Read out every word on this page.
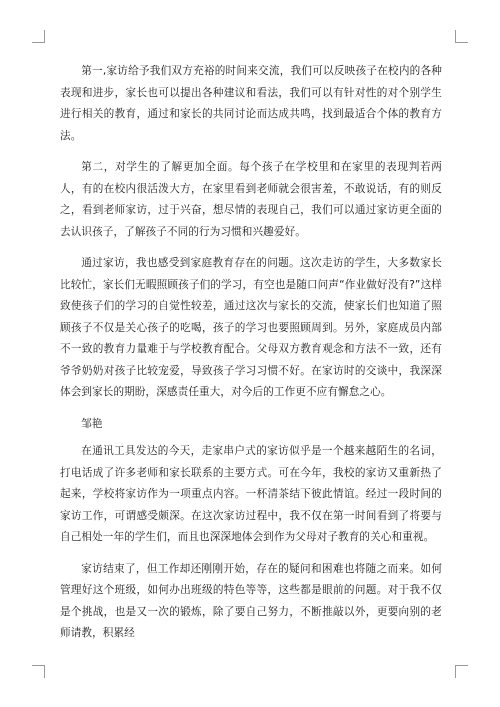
第一,家访给予我们双方充裕的时间来交流，我们可以反映孩子在校内的各种表现和进步，家长也可以提出各种建议和看法，我们可以有针对性的对个别学生进行相关的教育，通过和家长的共同讨论而达成共鸣，找到最适合个体的教育方法。

第二，对学生的了解更加全面。每个孩子在学校里和在家里的表现判若两人，有的在校内很活泼大方，在家里看到老师就会很害羞，不敢说话，有的则反之，看到老师家访，过于兴奋，想尽情的表现自己，我们可以通过家访更全面的去认识孩子，了解孩子不同的行为习惯和兴趣爱好。

通过家访，我也感受到家庭教育存在的问题。这次走访的学生，大多数家长比较忙，家长们无暇照顾孩子们的学习，有空也是随口问声“作业做好没有?”这样致使孩子们的学习的自觉性较差，通过这次与家长的交流，使家长们也知道了照顾孩子不仅是关心孩子的吃喝，孩子的学习也要照顾周到。另外，家庭成员内部不一致的教育力量难于与学校教育配合。父母双方教育观念和方法不一致，还有爷爷奶奶对孩子比较宠爱，导致孩子学习习惯不好。在家访时的交谈中，我深深体会到家长的期盼，深感责任重大，对今后的工作更不应有懈怠之心。

邹艳

在通讯工具发达的今天，走家串户式的家访似乎是一个越来越陌生的名词，打电话成了许多老师和家长联系的主要方式。可在今年，我校的家访又重新热了起来，学校将家访作为一项重点内容。一杯清茶结下彼此情谊。经过一段时间的家访工作，可谓感受颇深。在这次家访过程中，我不仅在第一时间看到了将要与自己相处一年的学生们，而且也深深地体会到作为父母对子教育的关心和重视。

家访结束了，但工作却还刚刚开始，存在的疑问和困难也将随之而来。如何管理好这个班级，如何办出班级的特色等等，这些都是眼前的问题。对于我不仅是个挑战，也是又一次的锻炼，除了要自己努力，不断推敲以外，更要向别的老师请教，积累经
